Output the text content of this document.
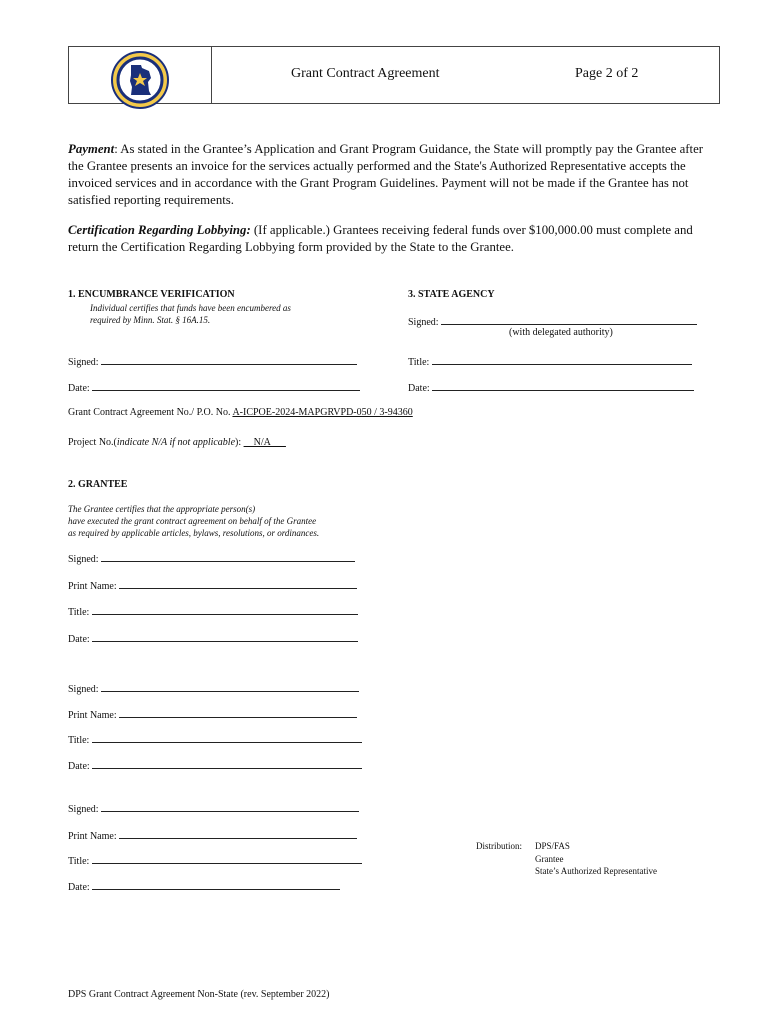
Grant Contract Agreement	Page 2 of 2
Payment: As stated in the Grantee’s Application and Grant Program Guidance, the State will promptly pay the Grantee after the Grantee presents an invoice for the services actually performed and the State's Authorized Representative accepts the invoiced services and in accordance with the Grant Program Guidelines. Payment will not be made if the Grantee has not satisfied reporting requirements.
Certification Regarding Lobbying: (If applicable.) Grantees receiving federal funds over $100,000.00 must complete and return the Certification Regarding Lobbying form provided by the State to the Grantee.
1. ENCUMBRANCE VERIFICATION
Individual certifies that funds have been encumbered as
required by Minn. Stat. § 16A.15.
Signed:
Date:
3. STATE AGENCY
Signed:
(with delegated authority)
Title:
Date:
Grant Contract Agreement No./ P.O. No. A-ICPOE-2024-MAPGRVPD-050 / 3-94360
Project No.(indicate N/A if not applicable): __N/A___
2. GRANTEE
The Grantee certifies that the appropriate person(s)
have executed the grant contract agreement on behalf of the Grantee
as required by applicable articles, bylaws, resolutions, or ordinances.
Signed:
Print Name:
Title:
Date:
Signed:
Print Name:
Title:
Date:
Signed:
Print Name:
Title:
Date:
Distribution: DPS/FAS
Grantee
State’s Authorized Representative
DPS Grant Contract Agreement Non-State (rev. September 2022)
